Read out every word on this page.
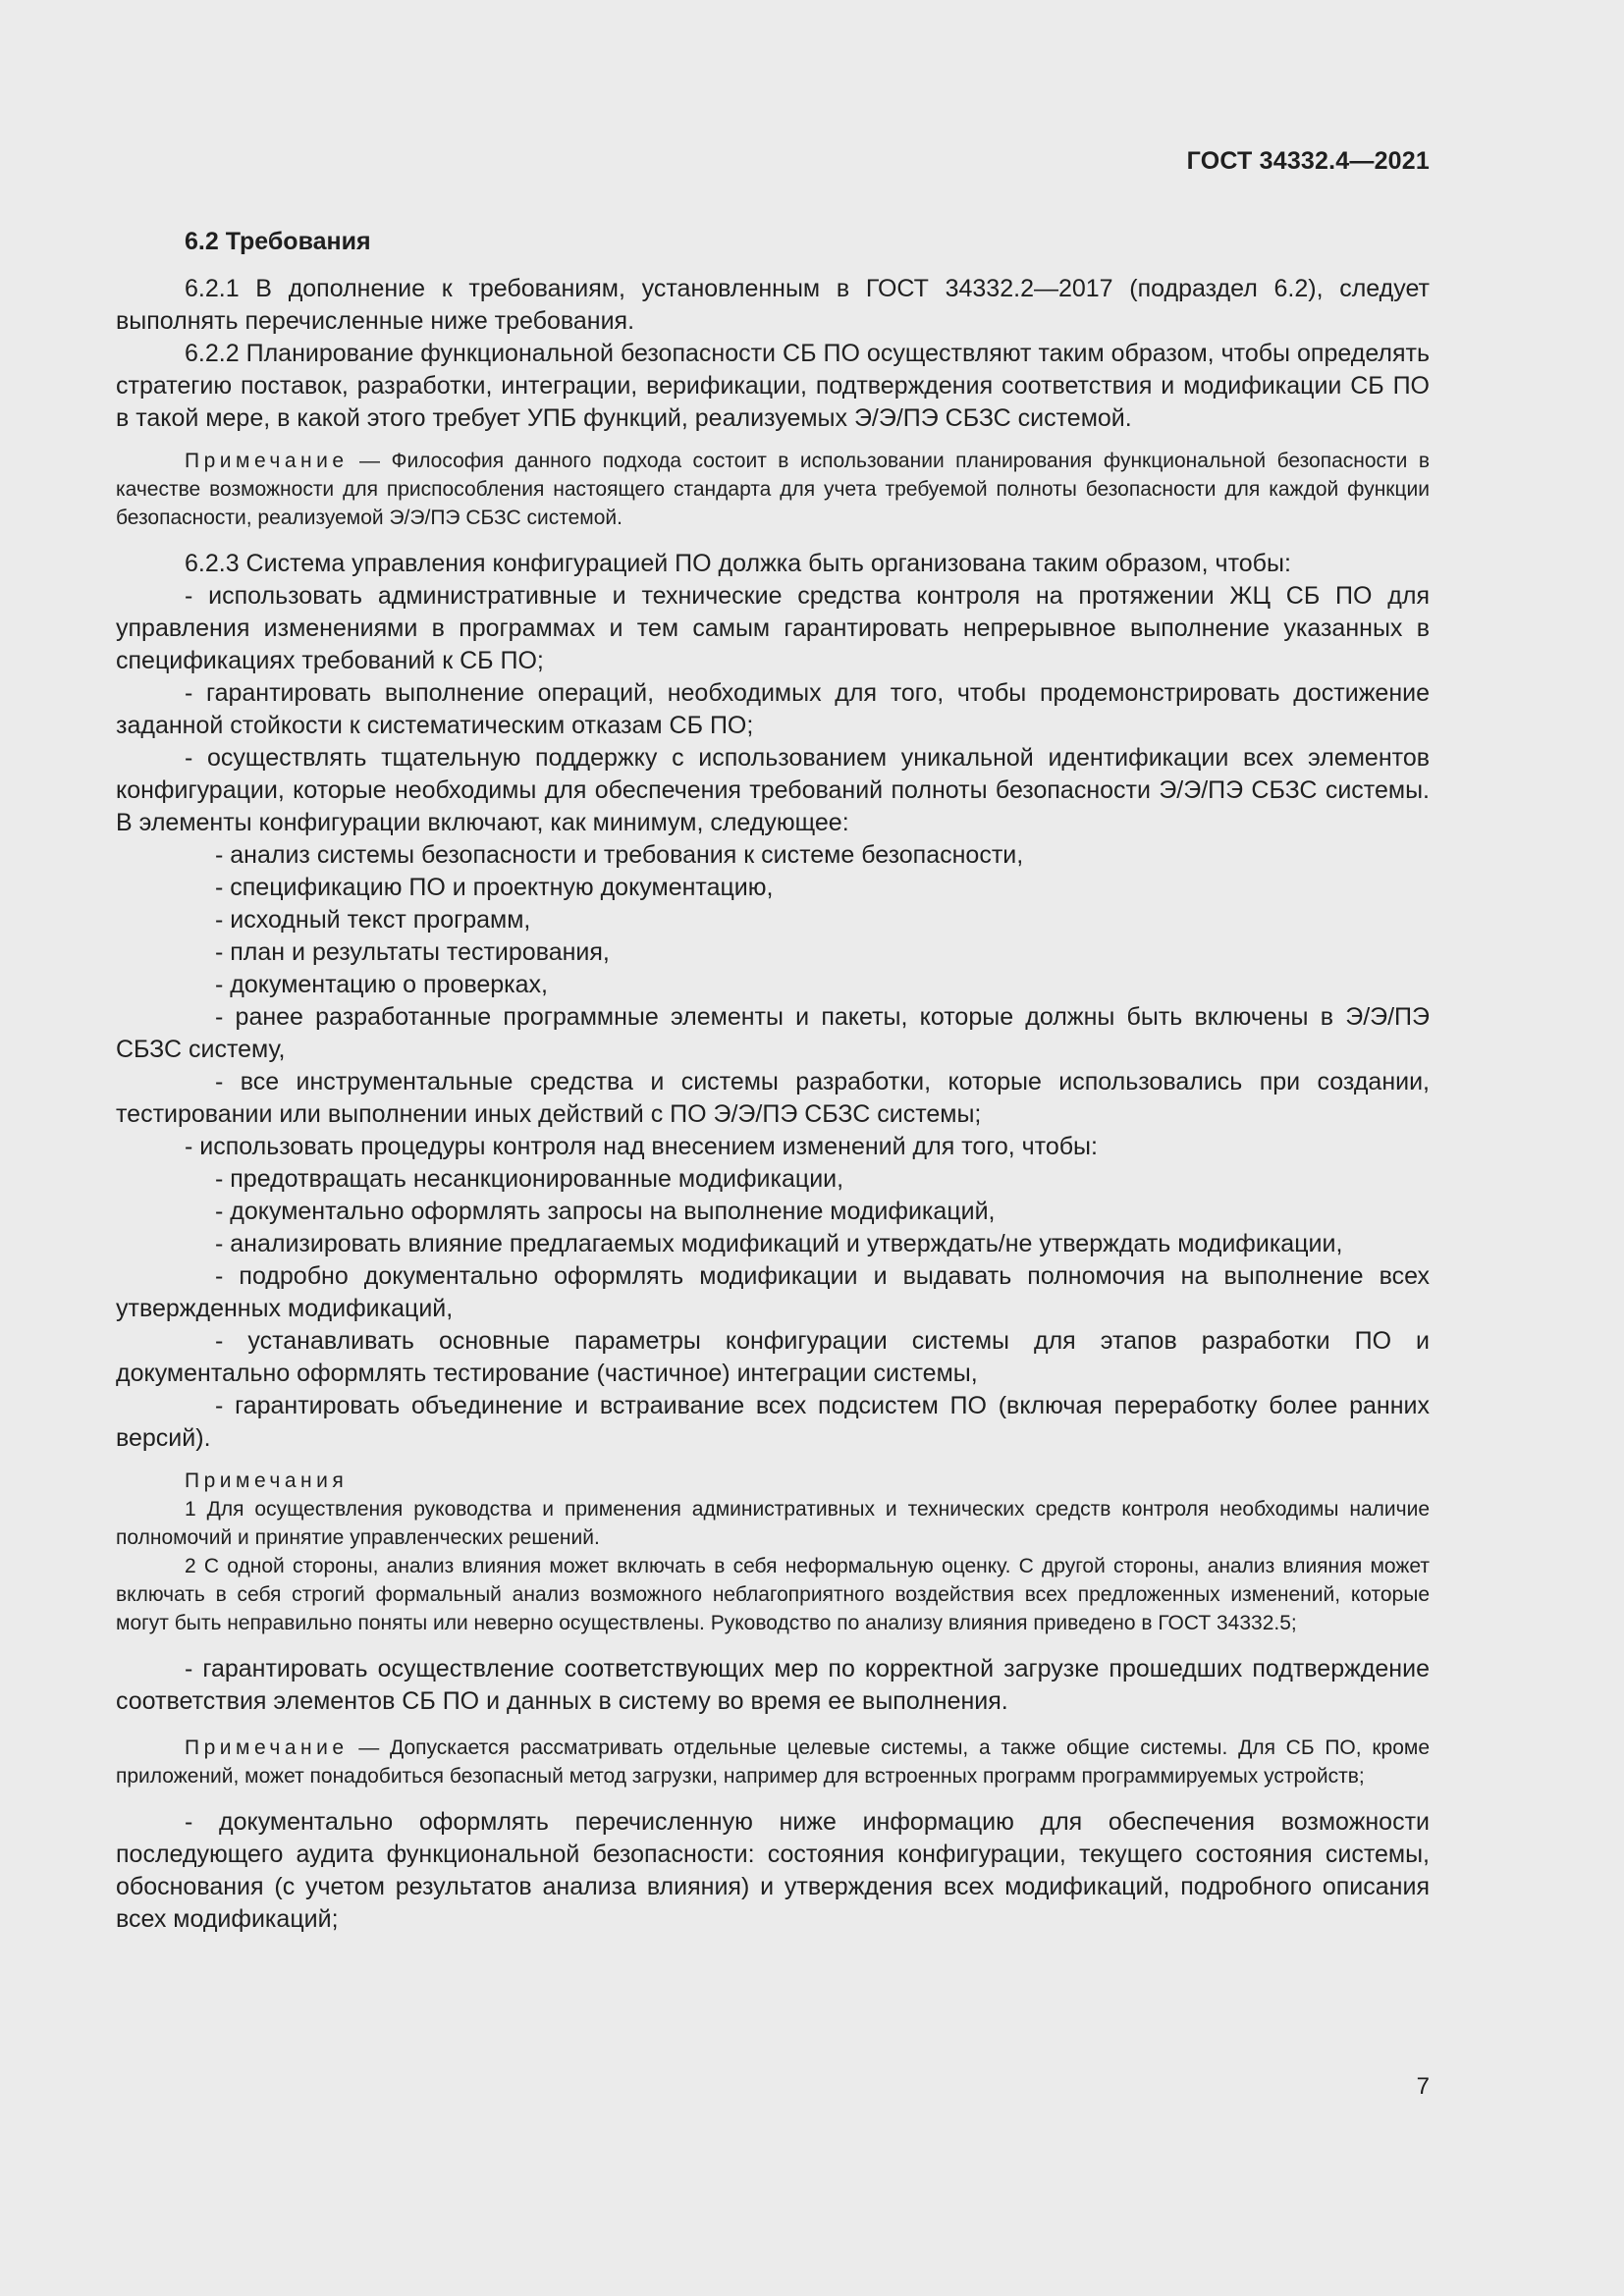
ГОСТ 34332.4—2021
6.2 Требования

6.2.1 В дополнение к требованиям, установленным в ГОСТ 34332.2—2017 (подраздел 6.2), следует выполнять перечисленные ниже требования.

6.2.2 Планирование функциональной безопасности СБ ПО осуществляют таким образом, чтобы определять стратегию поставок, разработки, интеграции, верификации, подтверждения соответствия и модификации СБ ПО в такой мере, в какой этого требует УПБ функций, реализуемых Э/Э/ПЭ СБЗС системой.

Примечание — Философия данного подхода состоит в использовании планирования функциональной безопасности в качестве возможности для приспособления настоящего стандарта для учета требуемой полноты безопасности для каждой функции безопасности, реализуемой Э/Э/ПЭ СБЗС системой.

6.2.3 Система управления конфигурацией ПО должка быть организована таким образом, чтобы:

- использовать административные и технические средства контроля на протяжении ЖЦ СБ ПО для управления изменениями в программах и тем самым гарантировать непрерывное выполнение указанных в спецификациях требований к СБ ПО;

- гарантировать выполнение операций, необходимых для того, чтобы продемонстрировать достижение заданной стойкости к систематическим отказам СБ ПО;

- осуществлять тщательную поддержку с использованием уникальной идентификации всех элементов конфигурации, которые необходимы для обеспечения требований полноты безопасности Э/Э/ПЭ СБЗС системы. В элементы конфигурации включают, как минимум, следующее:

- анализ системы безопасности и требования к системе безопасности,

- спецификацию ПО и проектную документацию,

- исходный текст программ,

- план и результаты тестирования,

- документацию о проверках,

- ранее разработанные программные элементы и пакеты, которые должны быть включены в Э/Э/ПЭ СБЗС систему,

- все инструментальные средства и системы разработки, которые использовались при создании, тестировании или выполнении иных действий с ПО Э/Э/ПЭ СБЗС системы;

- использовать процедуры контроля над внесением изменений для того, чтобы:

- предотвращать несанкционированные модификации,

- документально оформлять запросы на выполнение модификаций,

- анализировать влияние предлагаемых модификаций и утверждать/не утверждать модификации,

- подробно документально оформлять модификации и выдавать полномочия на выполнение всех утвержденных модификаций,

- устанавливать основные параметры конфигурации системы для этапов разработки ПО и документально оформлять тестирование (частичное) интеграции системы,

- гарантировать объединение и встраивание всех подсистем ПО (включая переработку более ранних версий).

Примечания

1 Для осуществления руководства и применения административных и технических средств контроля необходимы наличие полномочий и принятие управленческих решений.

2 С одной стороны, анализ влияния может включать в себя неформальную оценку. С другой стороны, анализ влияния может включать в себя строгий формальный анализ возможного неблагоприятного воздействия всех предложенных изменений, которые могут быть неправильно поняты или неверно осуществлены. Руководство по анализу влияния приведено в ГОСТ 34332.5;

- гарантировать осуществление соответствующих мер по корректной загрузке прошедших подтверждение соответствия элементов СБ ПО и данных в систему во время ее выполнения.

Примечание — Допускается рассматривать отдельные целевые системы, а также общие системы. Для СБ ПО, кроме приложений, может понадобиться безопасный метод загрузки, например для встроенных программ программируемых устройств;

- документально оформлять перечисленную ниже информацию для обеспечения возможности последующего аудита функциональной безопасности: состояния конфигурации, текущего состояния системы, обоснования (с учетом результатов анализа влияния) и утверждения всех модификаций, подробного описания всех модификаций;

7
